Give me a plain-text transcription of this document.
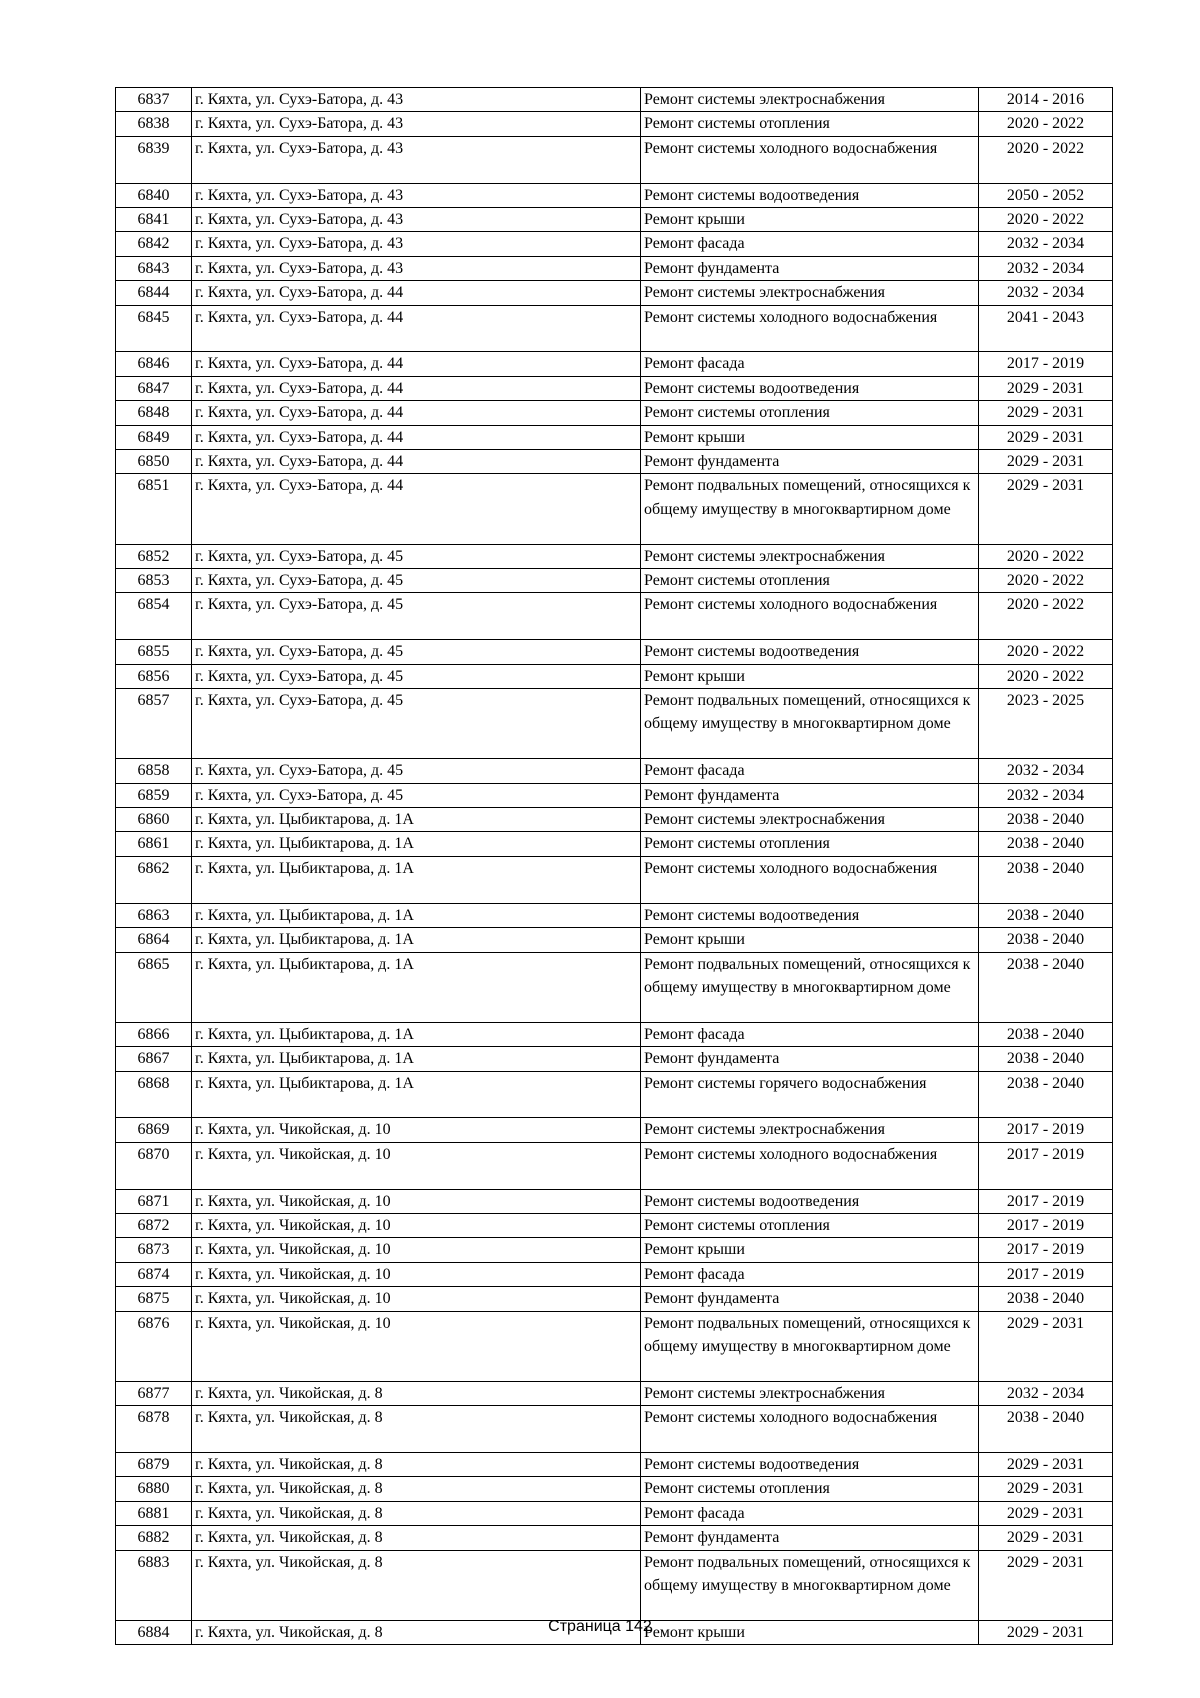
6837	г. Кяхта, ул. Сухэ-Батора, д. 43	Ремонт системы электроснабжения	2014 - 2016
6838	г. Кяхта, ул. Сухэ-Батора, д. 43	Ремонт системы отопления	2020 - 2022
6839	г. Кяхта, ул. Сухэ-Батора, д. 43	Ремонт системы холодного водоснабжения	2020 - 2022
6840	г. Кяхта, ул. Сухэ-Батора, д. 43	Ремонт системы водоотведения	2050 - 2052
6841	г. Кяхта, ул. Сухэ-Батора, д. 43	Ремонт крыши	2020 - 2022
6842	г. Кяхта, ул. Сухэ-Батора, д. 43	Ремонт фасада	2032 - 2034
6843	г. Кяхта, ул. Сухэ-Батора, д. 43	Ремонт фундамента	2032 - 2034
6844	г. Кяхта, ул. Сухэ-Батора, д. 44	Ремонт системы электроснабжения	2032 - 2034
6845	г. Кяхта, ул. Сухэ-Батора, д. 44	Ремонт системы холодного водоснабжения	2041 - 2043
6846	г. Кяхта, ул. Сухэ-Батора, д. 44	Ремонт фасада	2017 - 2019
6847	г. Кяхта, ул. Сухэ-Батора, д. 44	Ремонт системы водоотведения	2029 - 2031
6848	г. Кяхта, ул. Сухэ-Батора, д. 44	Ремонт системы отопления	2029 - 2031
6849	г. Кяхта, ул. Сухэ-Батора, д. 44	Ремонт крыши	2029 - 2031
6850	г. Кяхта, ул. Сухэ-Батора, д. 44	Ремонт фундамента	2029 - 2031
6851	г. Кяхта, ул. Сухэ-Батора, д. 44	Ремонт подвальных помещений, относящихся к общему имуществу в многоквартирном доме	2029 - 2031
6852	г. Кяхта, ул. Сухэ-Батора, д. 45	Ремонт системы электроснабжения	2020 - 2022
6853	г. Кяхта, ул. Сухэ-Батора, д. 45	Ремонт системы отопления	2020 - 2022
6854	г. Кяхта, ул. Сухэ-Батора, д. 45	Ремонт системы холодного водоснабжения	2020 - 2022
6855	г. Кяхта, ул. Сухэ-Батора, д. 45	Ремонт системы водоотведения	2020 - 2022
6856	г. Кяхта, ул. Сухэ-Батора, д. 45	Ремонт крыши	2020 - 2022
6857	г. Кяхта, ул. Сухэ-Батора, д. 45	Ремонт подвальных помещений, относящихся к общему имуществу в многоквартирном доме	2023 - 2025
6858	г. Кяхта, ул. Сухэ-Батора, д. 45	Ремонт фасада	2032 - 2034
6859	г. Кяхта, ул. Сухэ-Батора, д. 45	Ремонт фундамента	2032 - 2034
6860	г. Кяхта, ул. Цыбиктарова, д. 1А	Ремонт системы электроснабжения	2038 - 2040
6861	г. Кяхта, ул. Цыбиктарова, д. 1А	Ремонт системы отопления	2038 - 2040
6862	г. Кяхта, ул. Цыбиктарова, д. 1А	Ремонт системы холодного водоснабжения	2038 - 2040
6863	г. Кяхта, ул. Цыбиктарова, д. 1А	Ремонт системы водоотведения	2038 - 2040
6864	г. Кяхта, ул. Цыбиктарова, д. 1А	Ремонт крыши	2038 - 2040
6865	г. Кяхта, ул. Цыбиктарова, д. 1А	Ремонт подвальных помещений, относящихся к общему имуществу в многоквартирном доме	2038 - 2040
6866	г. Кяхта, ул. Цыбиктарова, д. 1А	Ремонт фасада	2038 - 2040
6867	г. Кяхта, ул. Цыбиктарова, д. 1А	Ремонт фундамента	2038 - 2040
6868	г. Кяхта, ул. Цыбиктарова, д. 1А	Ремонт системы горячего водоснабжения	2038 - 2040
6869	г. Кяхта, ул. Чикойская, д. 10	Ремонт системы электроснабжения	2017 - 2019
6870	г. Кяхта, ул. Чикойская, д. 10	Ремонт системы холодного водоснабжения	2017 - 2019
6871	г. Кяхта, ул. Чикойская, д. 10	Ремонт системы водоотведения	2017 - 2019
6872	г. Кяхта, ул. Чикойская, д. 10	Ремонт системы отопления	2017 - 2019
6873	г. Кяхта, ул. Чикойская, д. 10	Ремонт крыши	2017 - 2019
6874	г. Кяхта, ул. Чикойская, д. 10	Ремонт фасада	2017 - 2019
6875	г. Кяхта, ул. Чикойская, д. 10	Ремонт фундамента	2038 - 2040
6876	г. Кяхта, ул. Чикойская, д. 10	Ремонт подвальных помещений, относящихся к общему имуществу в многоквартирном доме	2029 - 2031
6877	г. Кяхта, ул. Чикойская, д. 8	Ремонт системы электроснабжения	2032 - 2034
6878	г. Кяхта, ул. Чикойская, д. 8	Ремонт системы холодного водоснабжения	2038 - 2040
6879	г. Кяхта, ул. Чикойская, д. 8	Ремонт системы водоотведения	2029 - 2031
6880	г. Кяхта, ул. Чикойская, д. 8	Ремонт системы отопления	2029 - 2031
6881	г. Кяхта, ул. Чикойская, д. 8	Ремонт фасада	2029 - 2031
6882	г. Кяхта, ул. Чикойская, д. 8	Ремонт фундамента	2029 - 2031
6883	г. Кяхта, ул. Чикойская, д. 8	Ремонт подвальных помещений, относящихся к общему имуществу в многоквартирном доме	2029 - 2031
6884	г. Кяхта, ул. Чикойская, д. 8	Ремонт крыши	2029 - 2031
Страница 142
